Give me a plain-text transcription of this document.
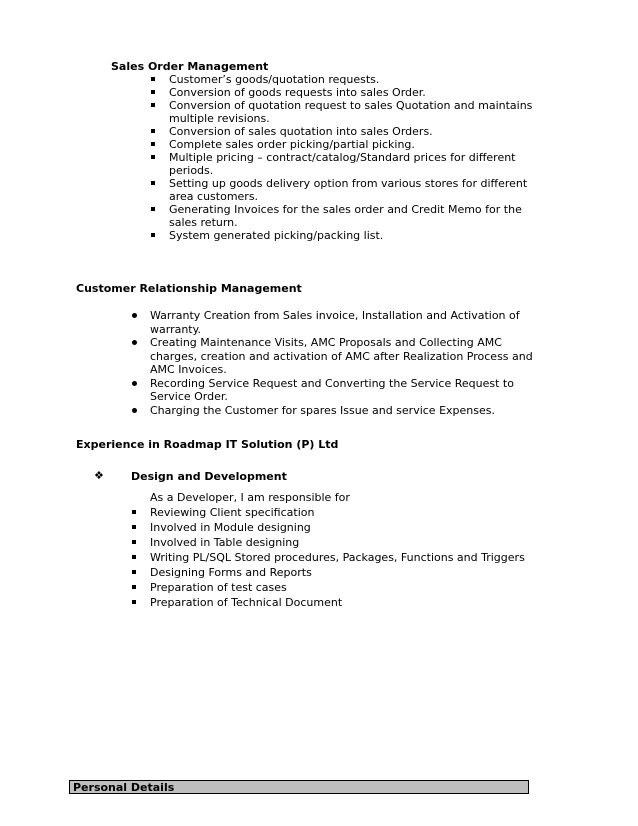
Sales Order Management
Customer’s goods/quotation requests.
Conversion of goods requests into sales Order.
Conversion of quotation request to sales Quotation and maintains multiple revisions.
Conversion of sales quotation into sales Orders.
Complete sales order picking/partial picking.
Multiple pricing – contract/catalog/Standard prices for different periods.
Setting up goods delivery option from various stores for different area customers.
Generating Invoices for the sales order and Credit Memo for the sales return.
System generated picking/packing list.
Customer Relationship Management
Warranty Creation from Sales invoice, Installation and Activation of warranty.
Creating Maintenance Visits, AMC Proposals and Collecting AMC charges, creation and activation of AMC after Realization Process and AMC Invoices.
Recording Service Request and Converting the Service Request to Service Order.
Charging the Customer for spares Issue and service Expenses.
Experience in Roadmap IT Solution (P) Ltd
❖ Design and Development
As a Developer, I am responsible for
Reviewing Client specification
Involved in Module designing
Involved in Table designing
Writing PL/SQL Stored procedures, Packages, Functions and Triggers
Designing Forms and Reports
Preparation of test cases
Preparation of Technical Document
Personal Details
